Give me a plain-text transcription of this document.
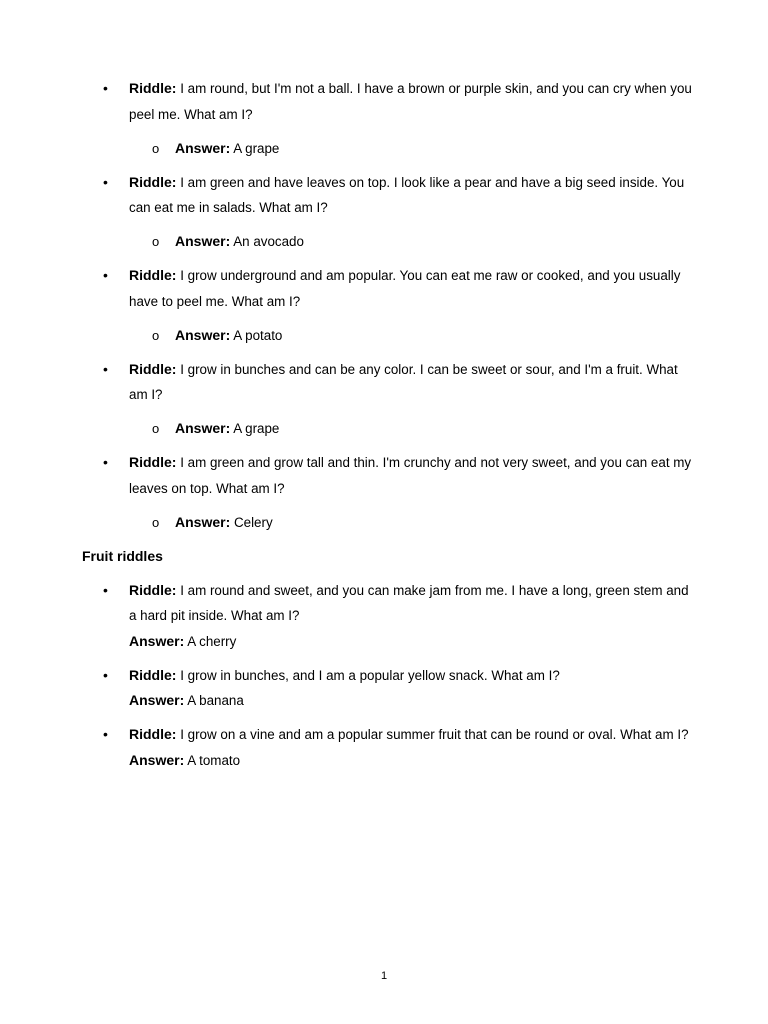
• Riddle: I am round, but I'm not a ball. I have a brown or purple skin, and you can cry when you peel me. What am I?
o Answer: A grape
• Riddle: I am green and have leaves on top. I look like a pear and have a big seed inside. You can eat me in salads. What am I?
o Answer: An avocado
• Riddle: I grow underground and am popular. You can eat me raw or cooked, and you usually have to peel me. What am I?
o Answer: A potato
• Riddle: I grow in bunches and can be any color. I can be sweet or sour, and I'm a fruit. What am I?
o Answer: A grape
• Riddle: I am green and grow tall and thin. I'm crunchy and not very sweet, and you can eat my leaves on top. What am I?
o Answer: Celery
Fruit riddles
• Riddle: I am round and sweet, and you can make jam from me. I have a long, green stem and a hard pit inside. What am I?
Answer: A cherry
• Riddle: I grow in bunches, and I am a popular yellow snack. What am I?
Answer: A banana
• Riddle: I grow on a vine and am a popular summer fruit that can be round or oval. What am I?
Answer: A tomato
1
